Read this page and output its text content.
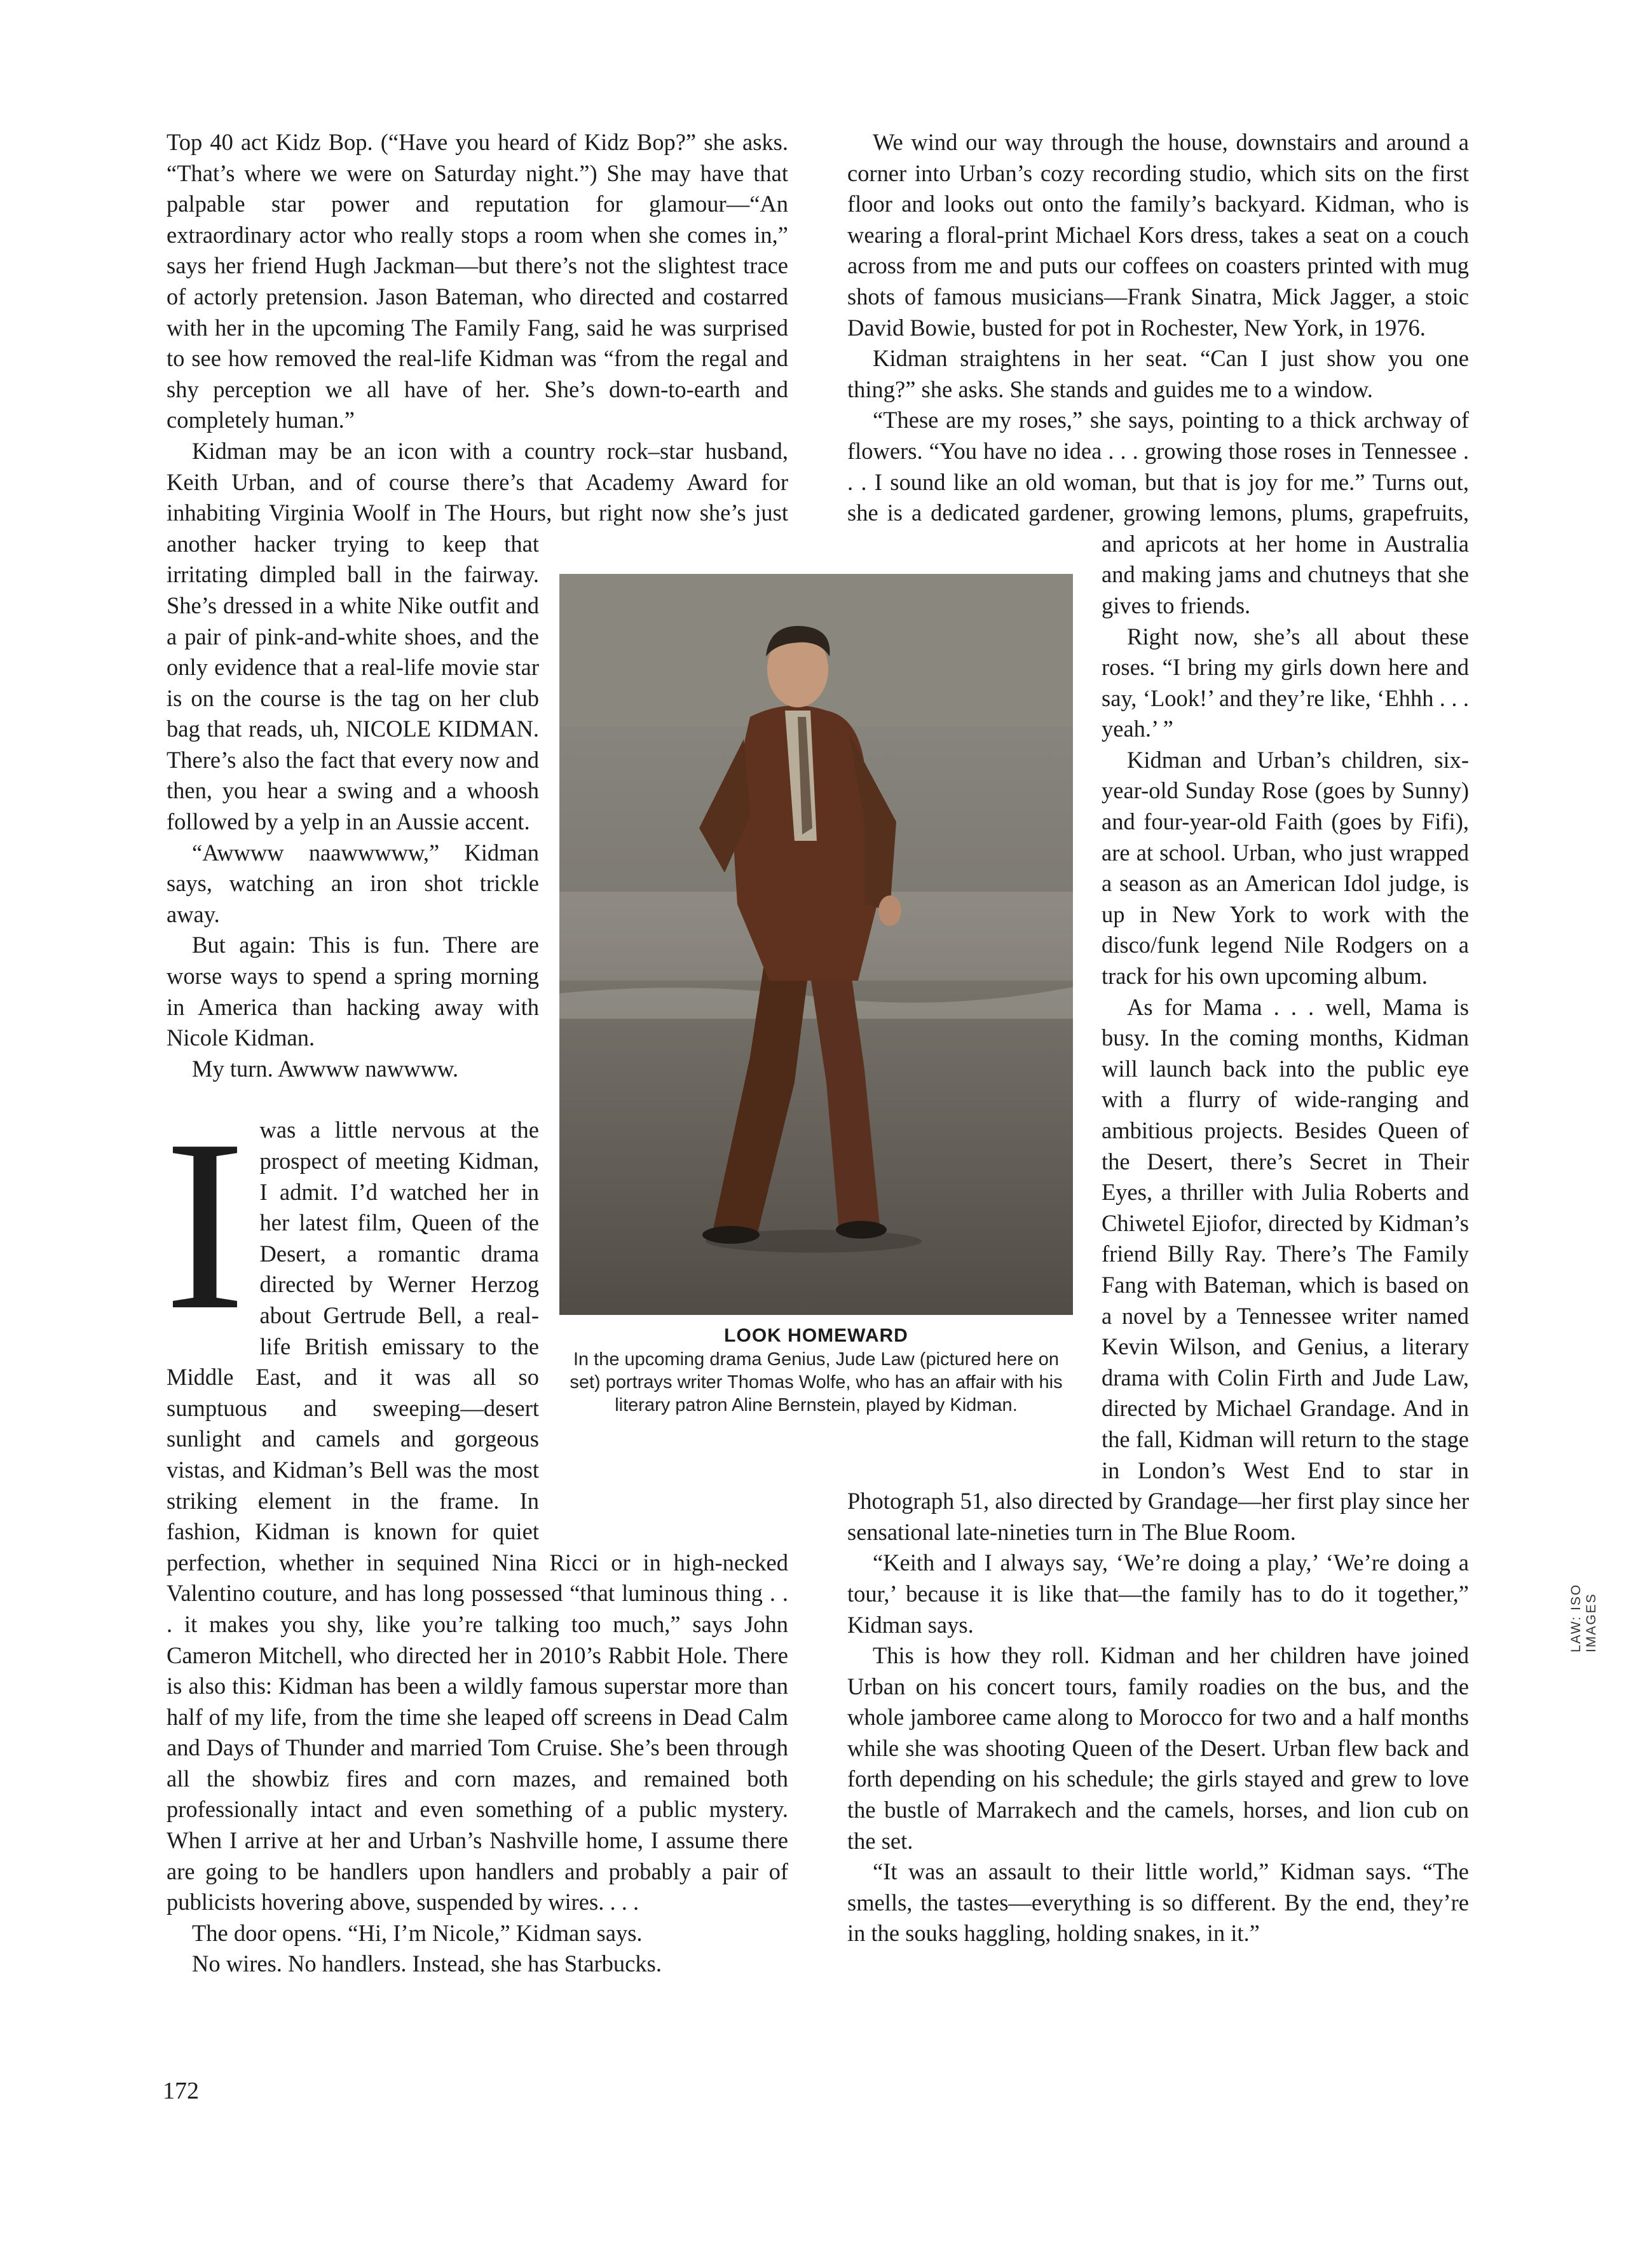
Top 40 act Kidz Bop. (“Have you heard of Kidz Bop?” she asks. “That’s where we were on Saturday night.”) She may have that palpable star power and reputation for glamour—“An extraordinary actor who really stops a room when she comes in,” says her friend Hugh Jackman—but there’s not the slightest trace of actorly pretension. Jason Bateman, who directed and costarred with her in the upcoming The Family Fang, said he was surprised to see how removed the real-life Kidman was “from the regal and shy perception we all have of her. She’s down-to-earth and completely human.”

Kidman may be an icon with a country rock–star husband, Keith Urban, and of course there’s that Academy Award for inhabiting Virginia Woolf in The Hours, but right now she’s just another hacker trying to keep that irritating dimpled ball in the fairway. She’s dressed in a white Nike outfit and a pair of pink-and-white shoes, and the only evidence that a real-life movie star is on the course is the tag on her club bag that reads, uh, NICOLE KIDMAN. There’s also the fact that every now and then, you hear a swing and a whoosh followed by a yelp in an Aussie accent.

“Awwww naawwwww,” Kidman says, watching an iron shot trickle away.

But again: This is fun. There are worse ways to spend a spring morning in America than hacking away with Nicole Kidman.

My turn. Awwww nawwww.

Iwas a little nervous at the prospect of meeting Kidman, I admit. I’d watched her in her latest film, Queen of the Desert, a romantic drama directed by Werner Herzog about Gertrude Bell, a real-life British emissary to the Middle East, and it was all so sumptuous and sweeping—desert sunlight and camels and gorgeous vistas, and Kidman’s Bell was the most striking element in the frame. In fashion, Kidman is known for quiet perfection, whether in sequined Nina Ricci or in high-necked Valentino couture, and has long possessed “that luminous thing . . . it makes you shy, like you’re talking too much,” says John Cameron Mitchell, who directed her in 2010’s Rabbit Hole. There is also this: Kidman has been a wildly famous superstar more than half of my life, from the time she leaped off screens in Dead Calm and Days of Thunder and married Tom Cruise. She’s been through all the showbiz fires and corn mazes, and remained both professionally intact and even something of a public mystery. When I arrive at her and Urban’s Nashville home, I assume there are going to be handlers upon handlers and probably a pair of publicists hovering above, suspended by wires. . . .

The door opens. “Hi, I’m Nicole,” Kidman says.

No wires. No handlers. Instead, she has Starbucks.

We wind our way through the house, downstairs and around a corner into Urban’s cozy recording studio, which sits on the first floor and looks out onto the family’s backyard. Kidman, who is wearing a floral-print Michael Kors dress, takes a seat on a couch across from me and puts our coffees on coasters printed with mug shots of famous musicians—Frank Sinatra, Mick Jagger, a stoic David Bowie, busted for pot in Rochester, New York, in 1976.

Kidman straightens in her seat. “Can I just show you one thing?” she asks. She stands and guides me to a window.

“These are my roses,” she says, pointing to a thick archway of flowers. “You have no idea . . . growing those roses in Tennessee . . . I sound like an old woman, but that is joy for me.” Turns out, she is a dedicated gardener, growing lemons, plums, grapefruits, and apricots at her home in Australia and making jams and chutneys that she gives to friends.

Right now, she’s all about these roses. “I bring my girls down here and say, ‘Look!’ and they’re like, ‘Ehhh . . . yeah.’ ”

Kidman and Urban’s children, six-year-old Sunday Rose (goes by Sunny) and four-year-old Faith (goes by Fifi), are at school. Urban, who just wrapped a season as an American Idol judge, is up in New York to work with the disco/funk legend Nile Rodgers on a track for his own upcoming album.

As for Mama . . . well, Mama is busy. In the coming months, Kidman will launch back into the public eye with a flurry of wide-ranging and ambitious projects. Besides Queen of the Desert, there’s Secret in Their Eyes, a thriller with Julia Roberts and Chiwetel Ejiofor, directed by Kidman’s friend Billy Ray. There’s The Family Fang with Bateman, which is based on a novel by a Tennessee writer named Kevin Wilson, and Genius, a literary drama with Colin Firth and Jude Law, directed by Michael Grandage. And in the fall, Kidman will return to the stage in London’s West End to star in Photograph 51, also directed by Grandage—her first play since her sensational late-nineties turn in The Blue Room.

“Keith and I always say, ‘We’re doing a play,’ ‘We’re doing a tour,’ because it is like that—the family has to do it together,” Kidman says.

This is how they roll. Kidman and her children have joined Urban on his concert tours, family roadies on the bus, and the whole jamboree came along to Morocco for two and a half months while she was shooting Queen of the Desert. Urban flew back and forth depending on his schedule; the girls stayed and grew to love the bustle of Marrakech and the camels, horses, and lion cub on the set.

“It was an assault to their little world,” Kidman says. “The smells, the tastes—everything is so different. By the end, they’re in the souks haggling, holding snakes, in it.”

LOOK HOMEWARD
In the upcoming drama Genius, Jude Law (pictured here on set) portrays writer Thomas Wolfe, who has an affair with his literary patron Aline Bernstein, played by Kidman.
172
LAW: ISO IMAGES
